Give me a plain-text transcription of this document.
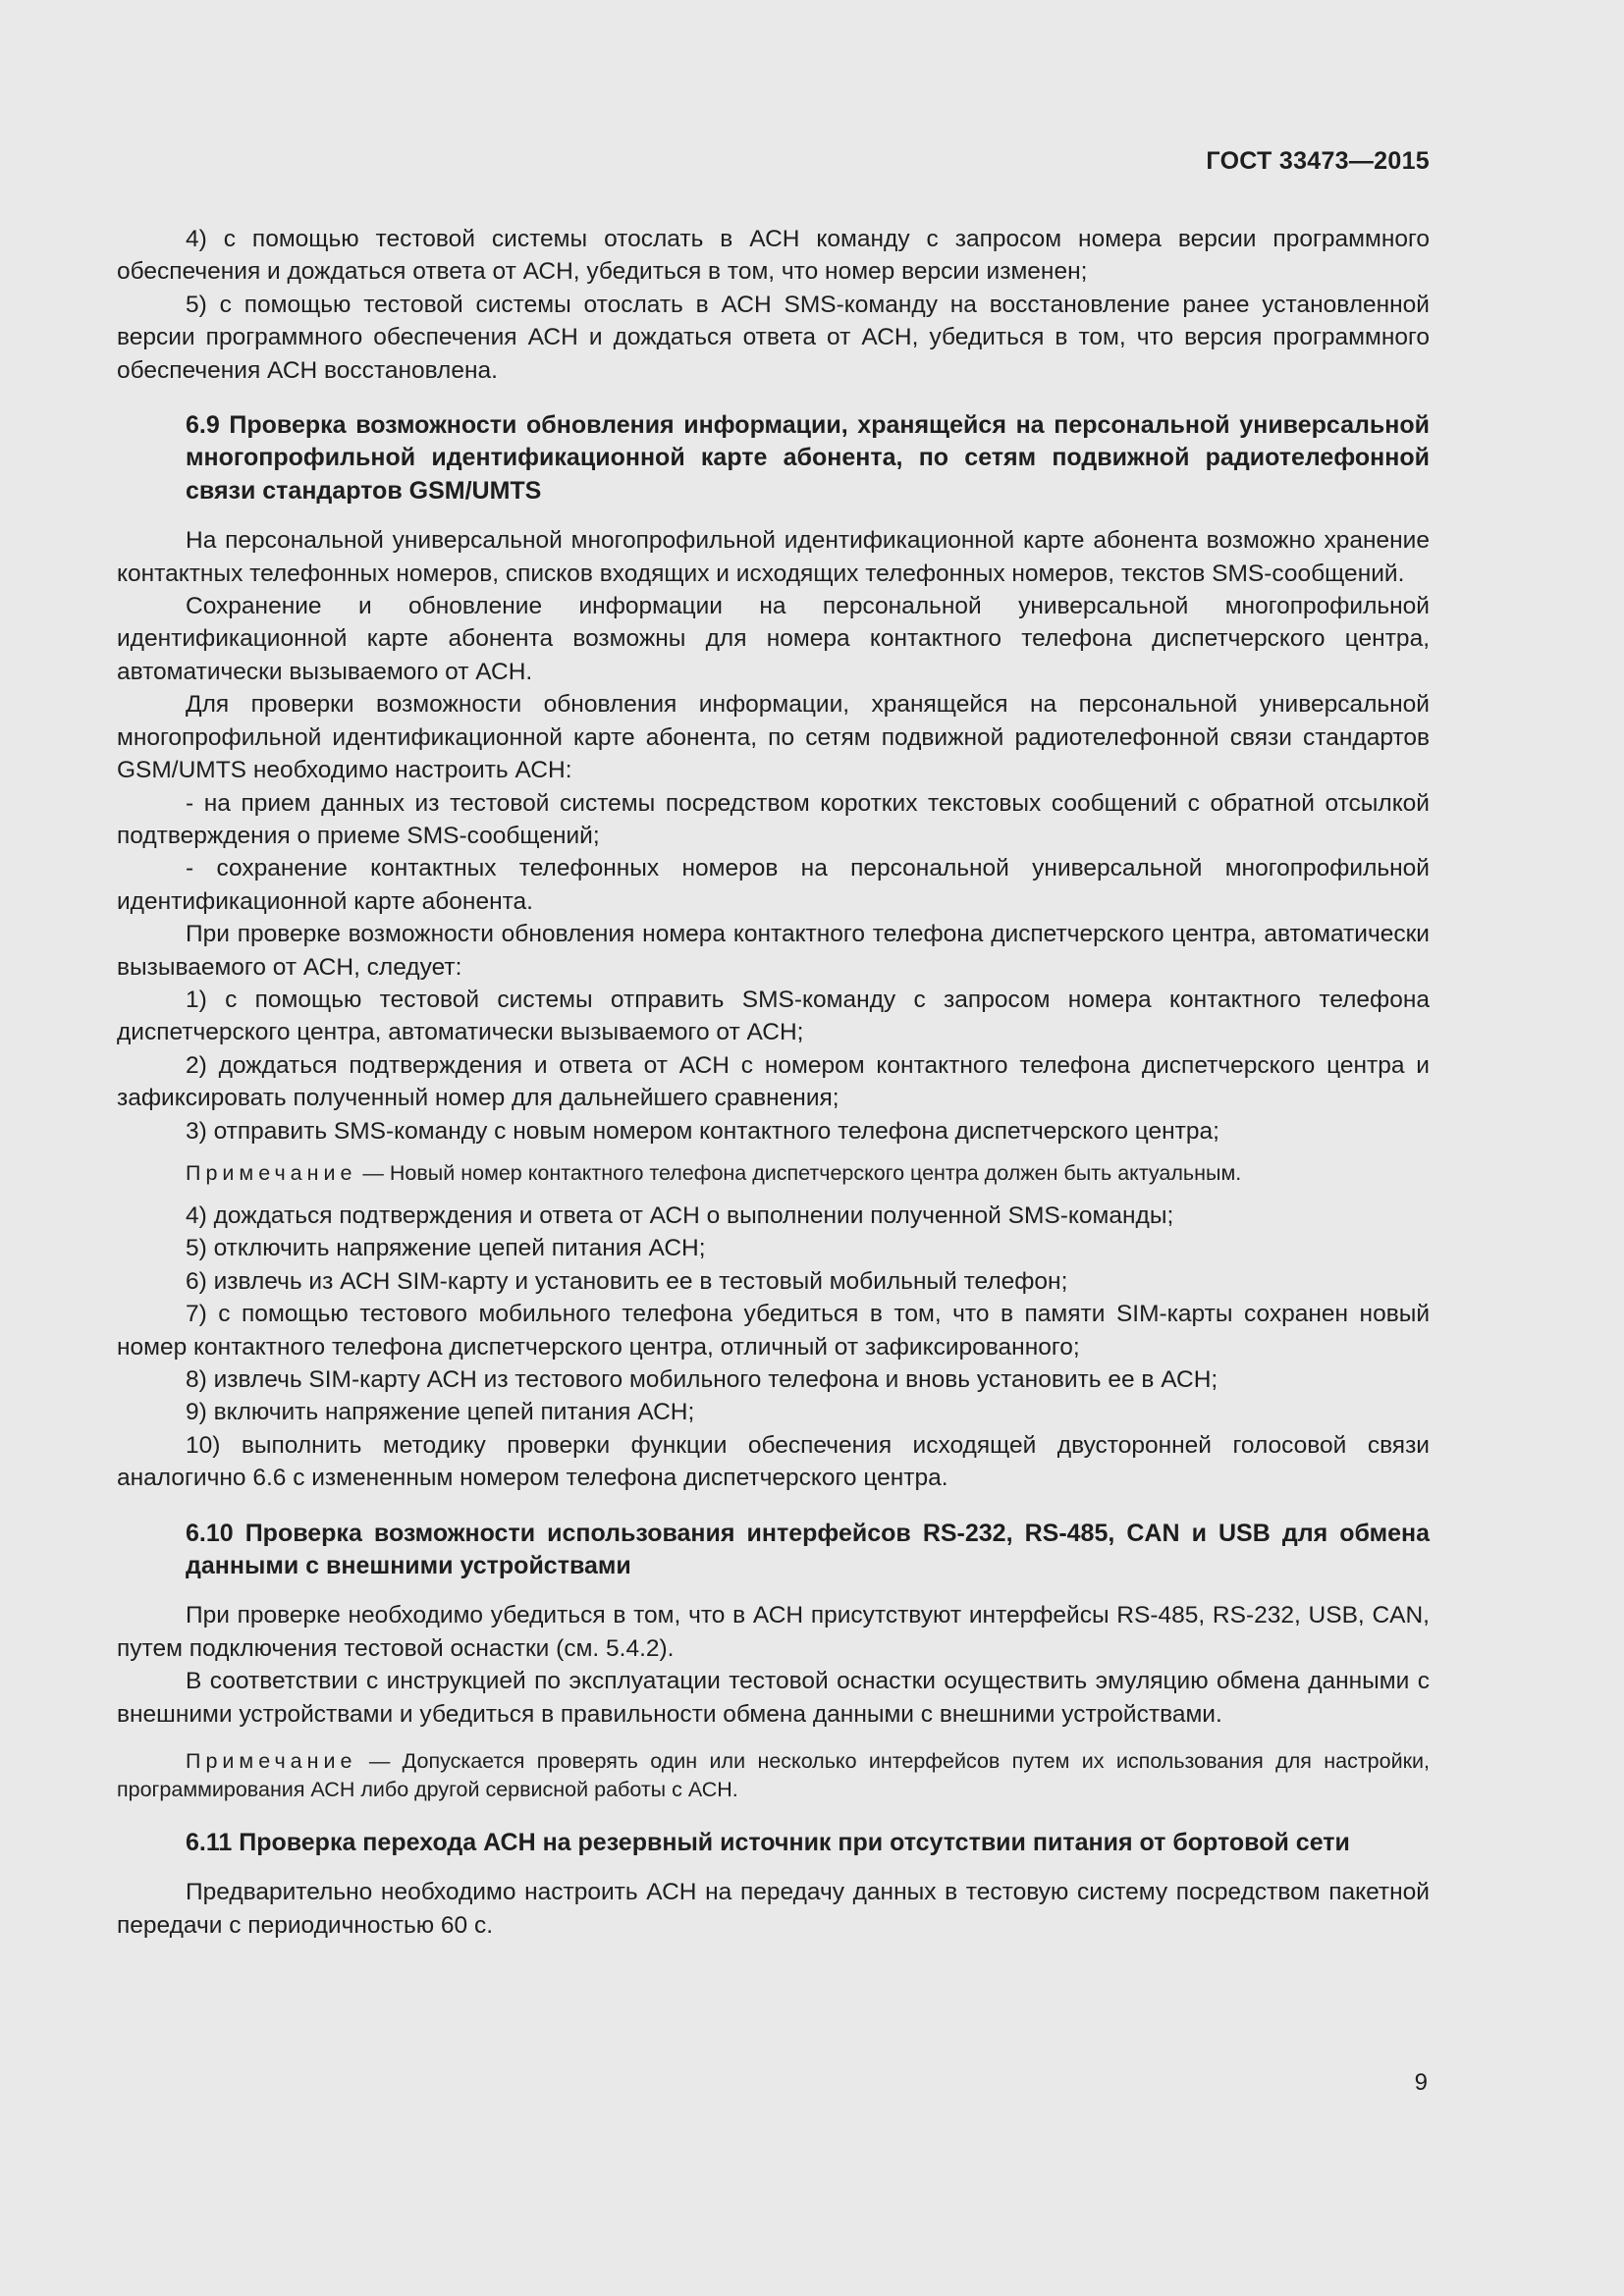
ГОСТ 33473—2015

4) с помощью тестовой системы отослать в АСН команду с запросом номера версии программного обеспечения и дождаться ответа от АСН, убедиться в том, что номер версии изменен;

5) с помощью тестовой системы отослать в АСН SMS-команду на восстановление ранее установленной версии программного обеспечения АСН и дождаться ответа от АСН, убедиться в том, что версия программного обеспечения АСН восстановлена.

6.9 Проверка возможности обновления информации, хранящейся на персональной универсальной многопрофильной идентификационной карте абонента, по сетям подвижной радиотелефонной связи стандартов GSM/UMTS

На персональной универсальной многопрофильной идентификационной карте абонента возможно хранение контактных телефонных номеров, списков входящих и исходящих телефонных номеров, текстов SMS-сообщений.

Сохранение и обновление информации на персональной универсальной многопрофильной идентификационной карте абонента возможны для номера контактного телефона диспетчерского центра, автоматически вызываемого от АСН.

Для проверки возможности обновления информации, хранящейся на персональной универсальной многопрофильной идентификационной карте абонента, по сетям подвижной радиотелефонной связи стандартов GSM/UMTS необходимо настроить АСН:

- на прием данных из тестовой системы посредством коротких текстовых сообщений с обратной отсылкой подтверждения о приеме SMS-сообщений;

- сохранение контактных телефонных номеров на персональной универсальной многопрофильной идентификационной карте абонента.

При проверке возможности обновления номера контактного телефона диспетчерского центра, автоматически вызываемого от АСН, следует:

1) с помощью тестовой системы отправить SMS-команду с запросом номера контактного телефона диспетчерского центра, автоматически вызываемого от АСН;

2) дождаться подтверждения и ответа от АСН с номером контактного телефона диспетчерского центра и зафиксировать полученный номер для дальнейшего сравнения;

3) отправить SMS-команду с новым номером контактного телефона диспетчерского центра;

Примечание — Новый номер контактного телефона диспетчерского центра должен быть актуальным.

4) дождаться подтверждения и ответа от АСН о выполнении полученной SMS-команды;

5) отключить напряжение цепей питания АСН;

6) извлечь из АСН SIM-карту и установить ее в тестовый мобильный телефон;

7) с помощью тестового мобильного телефона убедиться в том, что в памяти SIM-карты сохранен новый номер контактного телефона диспетчерского центра, отличный от зафиксированного;

8) извлечь SIM-карту АСН из тестового мобильного телефона и вновь установить ее в АСН;

9) включить напряжение цепей питания АСН;

10) выполнить методику проверки функции обеспечения исходящей двусторонней голосовой связи аналогично 6.6 с измененным номером телефона диспетчерского центра.

6.10 Проверка возможности использования интерфейсов RS-232, RS-485, CAN и USB для обмена данными с внешними устройствами

При проверке необходимо убедиться в том, что в АСН присутствуют интерфейсы RS-485, RS-232, USB, CAN, путем подключения тестовой оснастки (см. 5.4.2).

В соответствии с инструкцией по эксплуатации тестовой оснастки осуществить эмуляцию обмена данными с внешними устройствами и убедиться в правильности обмена данными с внешними устройствами.

Примечание — Допускается проверять один или несколько интерфейсов путем их использования для настройки, программирования АСН либо другой сервисной работы с АСН.
6.11 Проверка перехода АСН на резервный источник при отсутствии питания от бортовой сети

Предварительно необходимо настроить АСН на передачу данных в тестовую систему посредством пакетной передачи с периодичностью 60 с.

9
